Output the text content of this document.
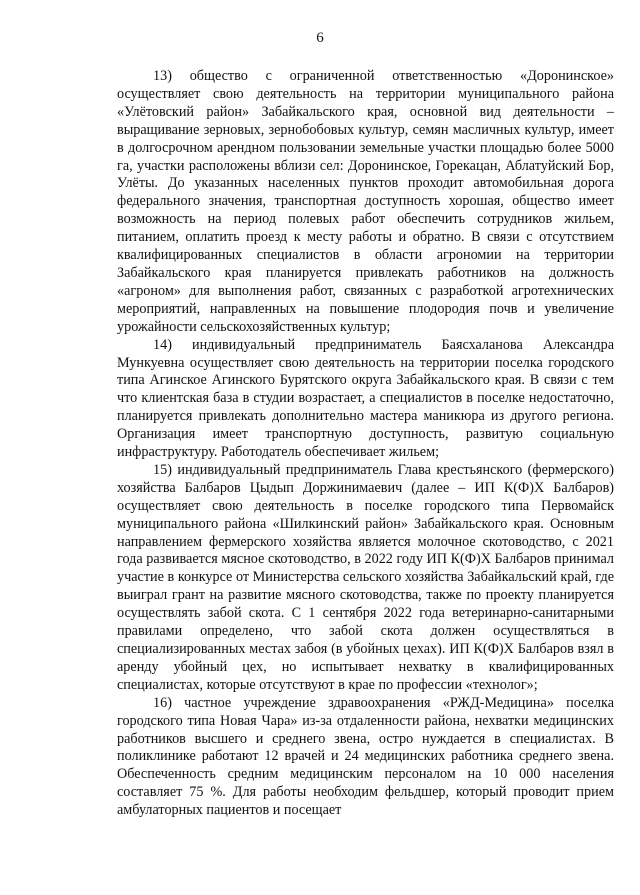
6

13) общество с ограниченной ответственностью «Доронинское» осуществляет свою деятельность на территории муниципального района «Улётовский район» Забайкальского края, основной вид деятельности – выращивание зерновых, зернобобовых культур, семян масличных культур, имеет в долгосрочном арендном пользовании земельные участки площадью более 5000 га, участки расположены вблизи сел: Доронинское, Горекацан, Аблатуйский Бор, Улёты. До указанных населенных пунктов проходит автомобильная дорога федерального значения, транспортная доступность хорошая, общество имеет возможность на период полевых работ обеспечить сотрудников жильем, питанием, оплатить проезд к месту работы и обратно. В связи с отсутствием квалифицированных специалистов в области агрономии на территории Забайкальского края планируется привлекать работников на должность «агроном» для выполнения работ, связанных с разработкой агротехнических мероприятий, направленных на повышение плодородия почв и увеличение урожайности сельскохозяйственных культур;

14) индивидуальный предприниматель Баясхаланова Александра Мункуевна осуществляет свою деятельность на территории поселка городского типа Агинское Агинского Бурятского округа Забайкальского края. В связи с тем что клиентская база в студии возрастает, а специалистов в поселке недостаточно, планируется привлекать дополнительно мастера маникюра из другого региона. Организация имеет транспортную доступность, развитую социальную инфраструктуру. Работодатель обеспечивает жильем;

15) индивидуальный предприниматель Глава крестьянского (фермерского) хозяйства Балбаров Цыдып Доржинимаевич (далее – ИП К(Ф)Х Балбаров) осуществляет свою деятельность в поселке городского типа Первомайск муниципального района «Шилкинский район» Забайкальского края. Основным направлением фермерского хозяйства является молочное скотоводство, с 2021 года развивается мясное скотоводство, в 2022 году ИП К(Ф)Х Балбаров принимал участие в конкурсе от Министерства сельского хозяйства Забайкальский край, где выиграл грант на развитие мясного скотоводства, также по проекту планируется осуществлять забой скота. С 1 сентября 2022 года ветеринарно-санитарными правилами определено, что забой скота должен осуществляться в специализированных местах забоя (в убойных цехах). ИП К(Ф)Х Балбаров взял в аренду убойный цех, но испытывает нехватку в квалифицированных специалистах, которые отсутствуют в крае по профессии «технолог»;

16) частное учреждение здравоохранения «РЖД-Медицина» поселка городского типа Новая Чара» из-за отдаленности района, нехватки медицинских работников высшего и среднего звена, остро нуждается в специалистах. В поликлинике работают 12 врачей и 24 медицинских работника среднего звена. Обеспеченность средним медицинским персоналом на 10 000 населения составляет 75 %. Для работы необходим фельдшер, который проводит прием амбулаторных пациентов и посещает
